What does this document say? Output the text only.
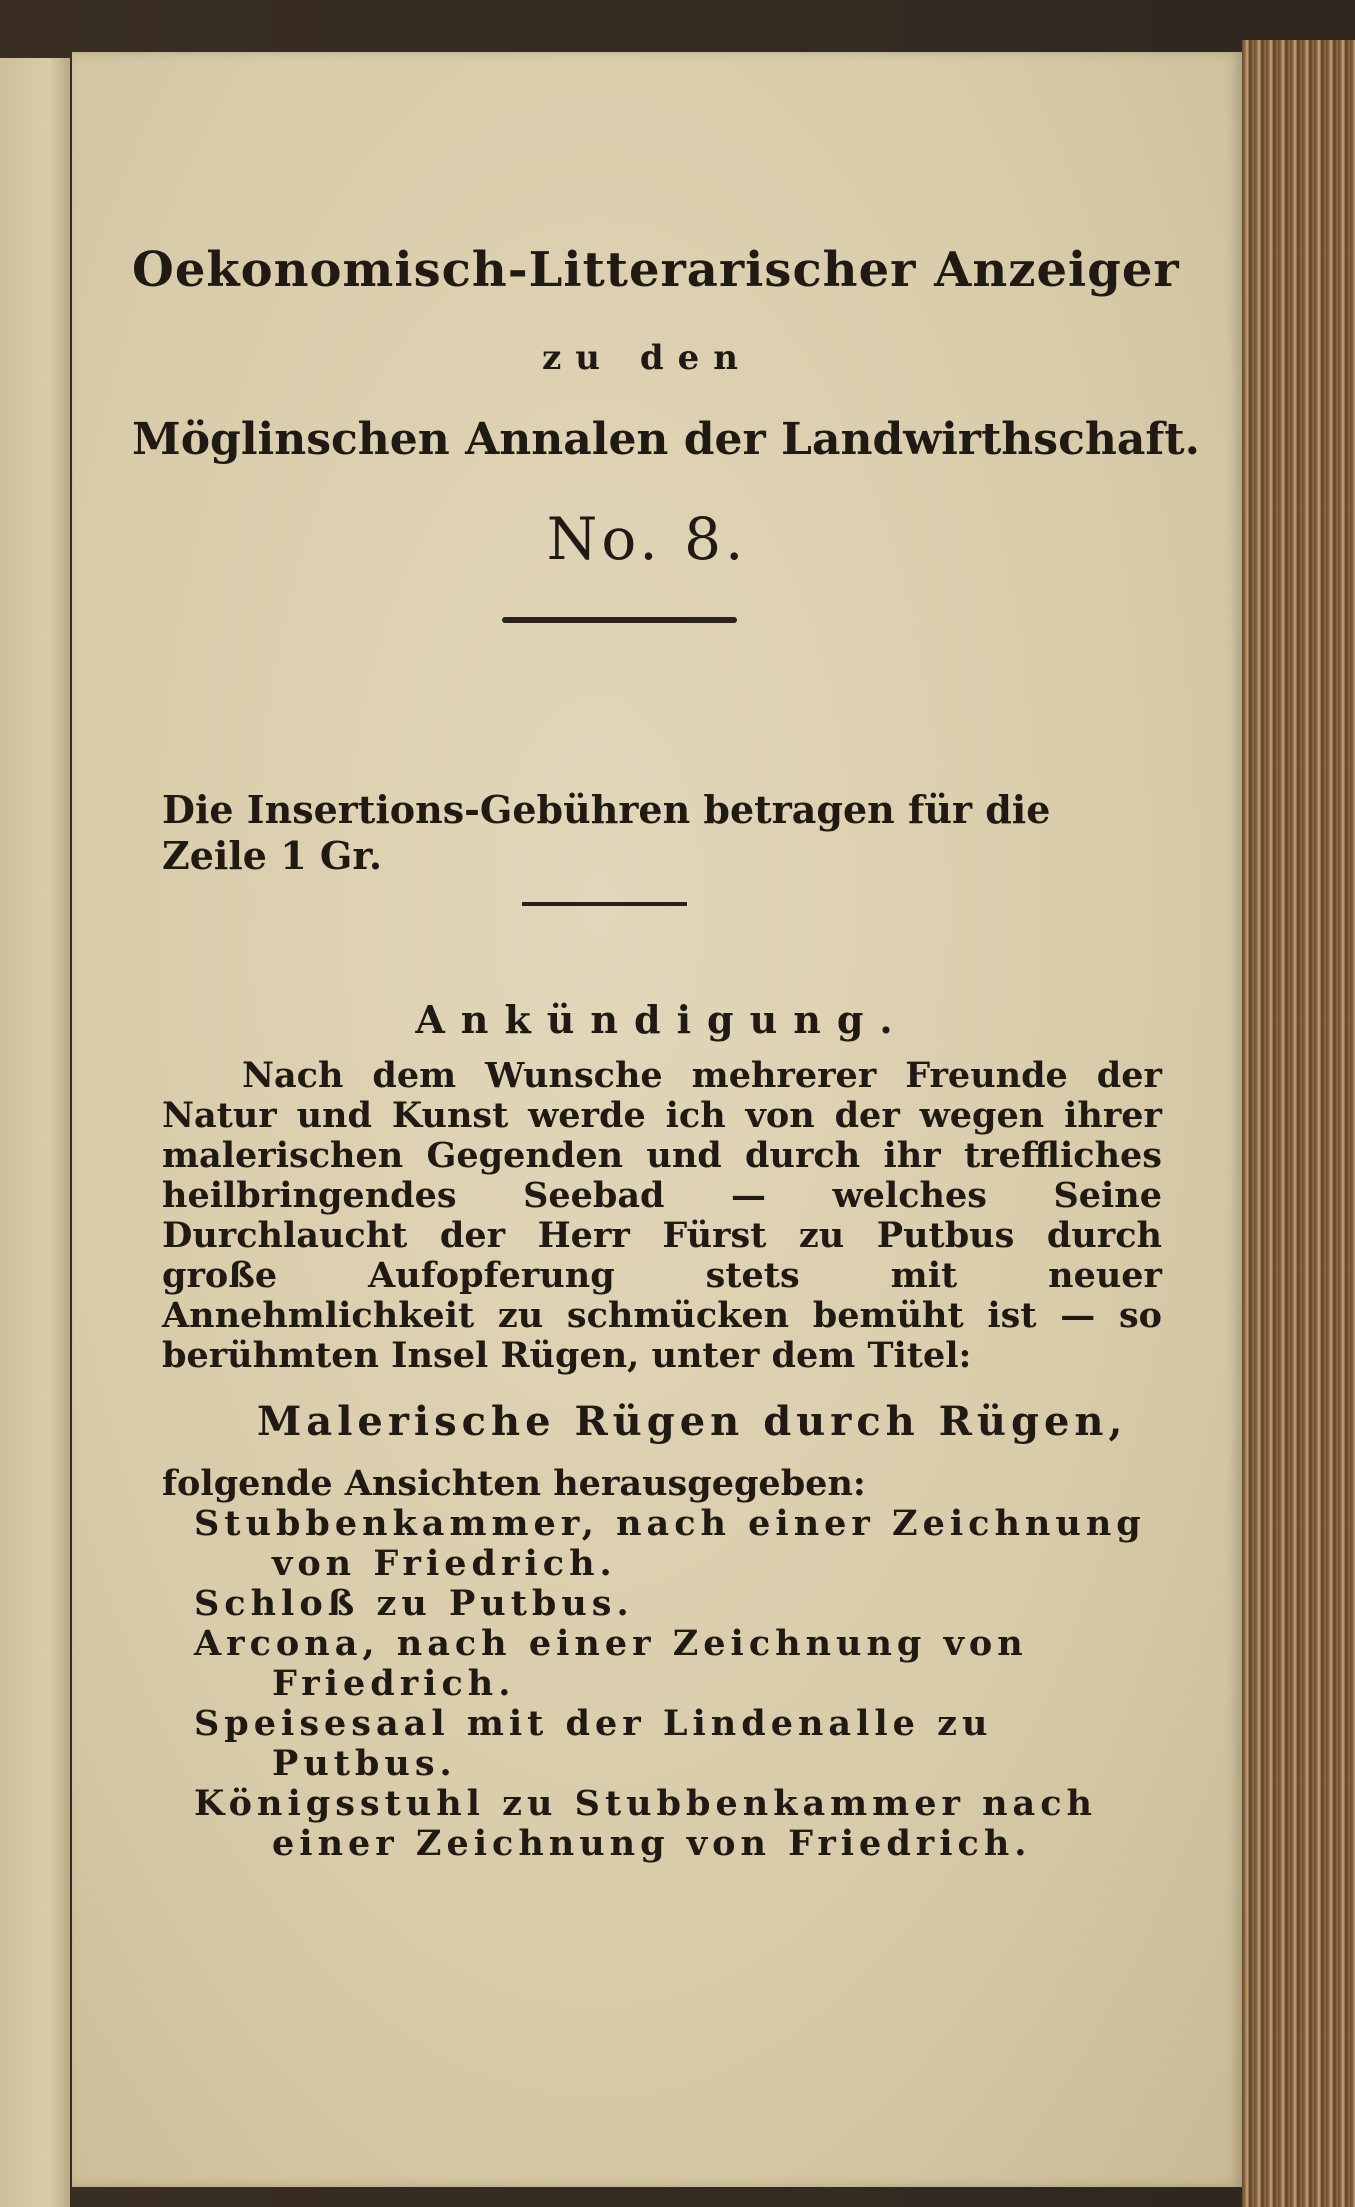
Oekonomisch-Litterarischer Anzeiger
zu den
Möglinschen Annalen der Landwirthschaft.
No. 8.
Die Insertions-Gebühren betragen für die Zeile 1 Gr.
Ankündigung.
Nach dem Wunsche mehrerer Freunde der Natur und Kunst werde ich von der wegen ihrer malerischen Gegenden und durch ihr treffliches heilbringendes Seebad — welches Seine Durchlaucht der Herr Fürst zu Putbus durch große Aufopferung stets mit neuer Annehmlichkeit zu schmücken bemüht ist — so berühmten Insel Rügen, unter dem Titel:
Malerische Rügen durch Rügen,
folgende Ansichten herausgegeben:
Stubbenkammer, nach einer Zeichnung von Friedrich.
Schloß zu Putbus.
Arcona, nach einer Zeichnung von Friedrich.
Speisesaal mit der Lindenalle zu Putbus.
Königsstuhl zu Stubbenkammer nach einer Zeichnung von Friedrich.
